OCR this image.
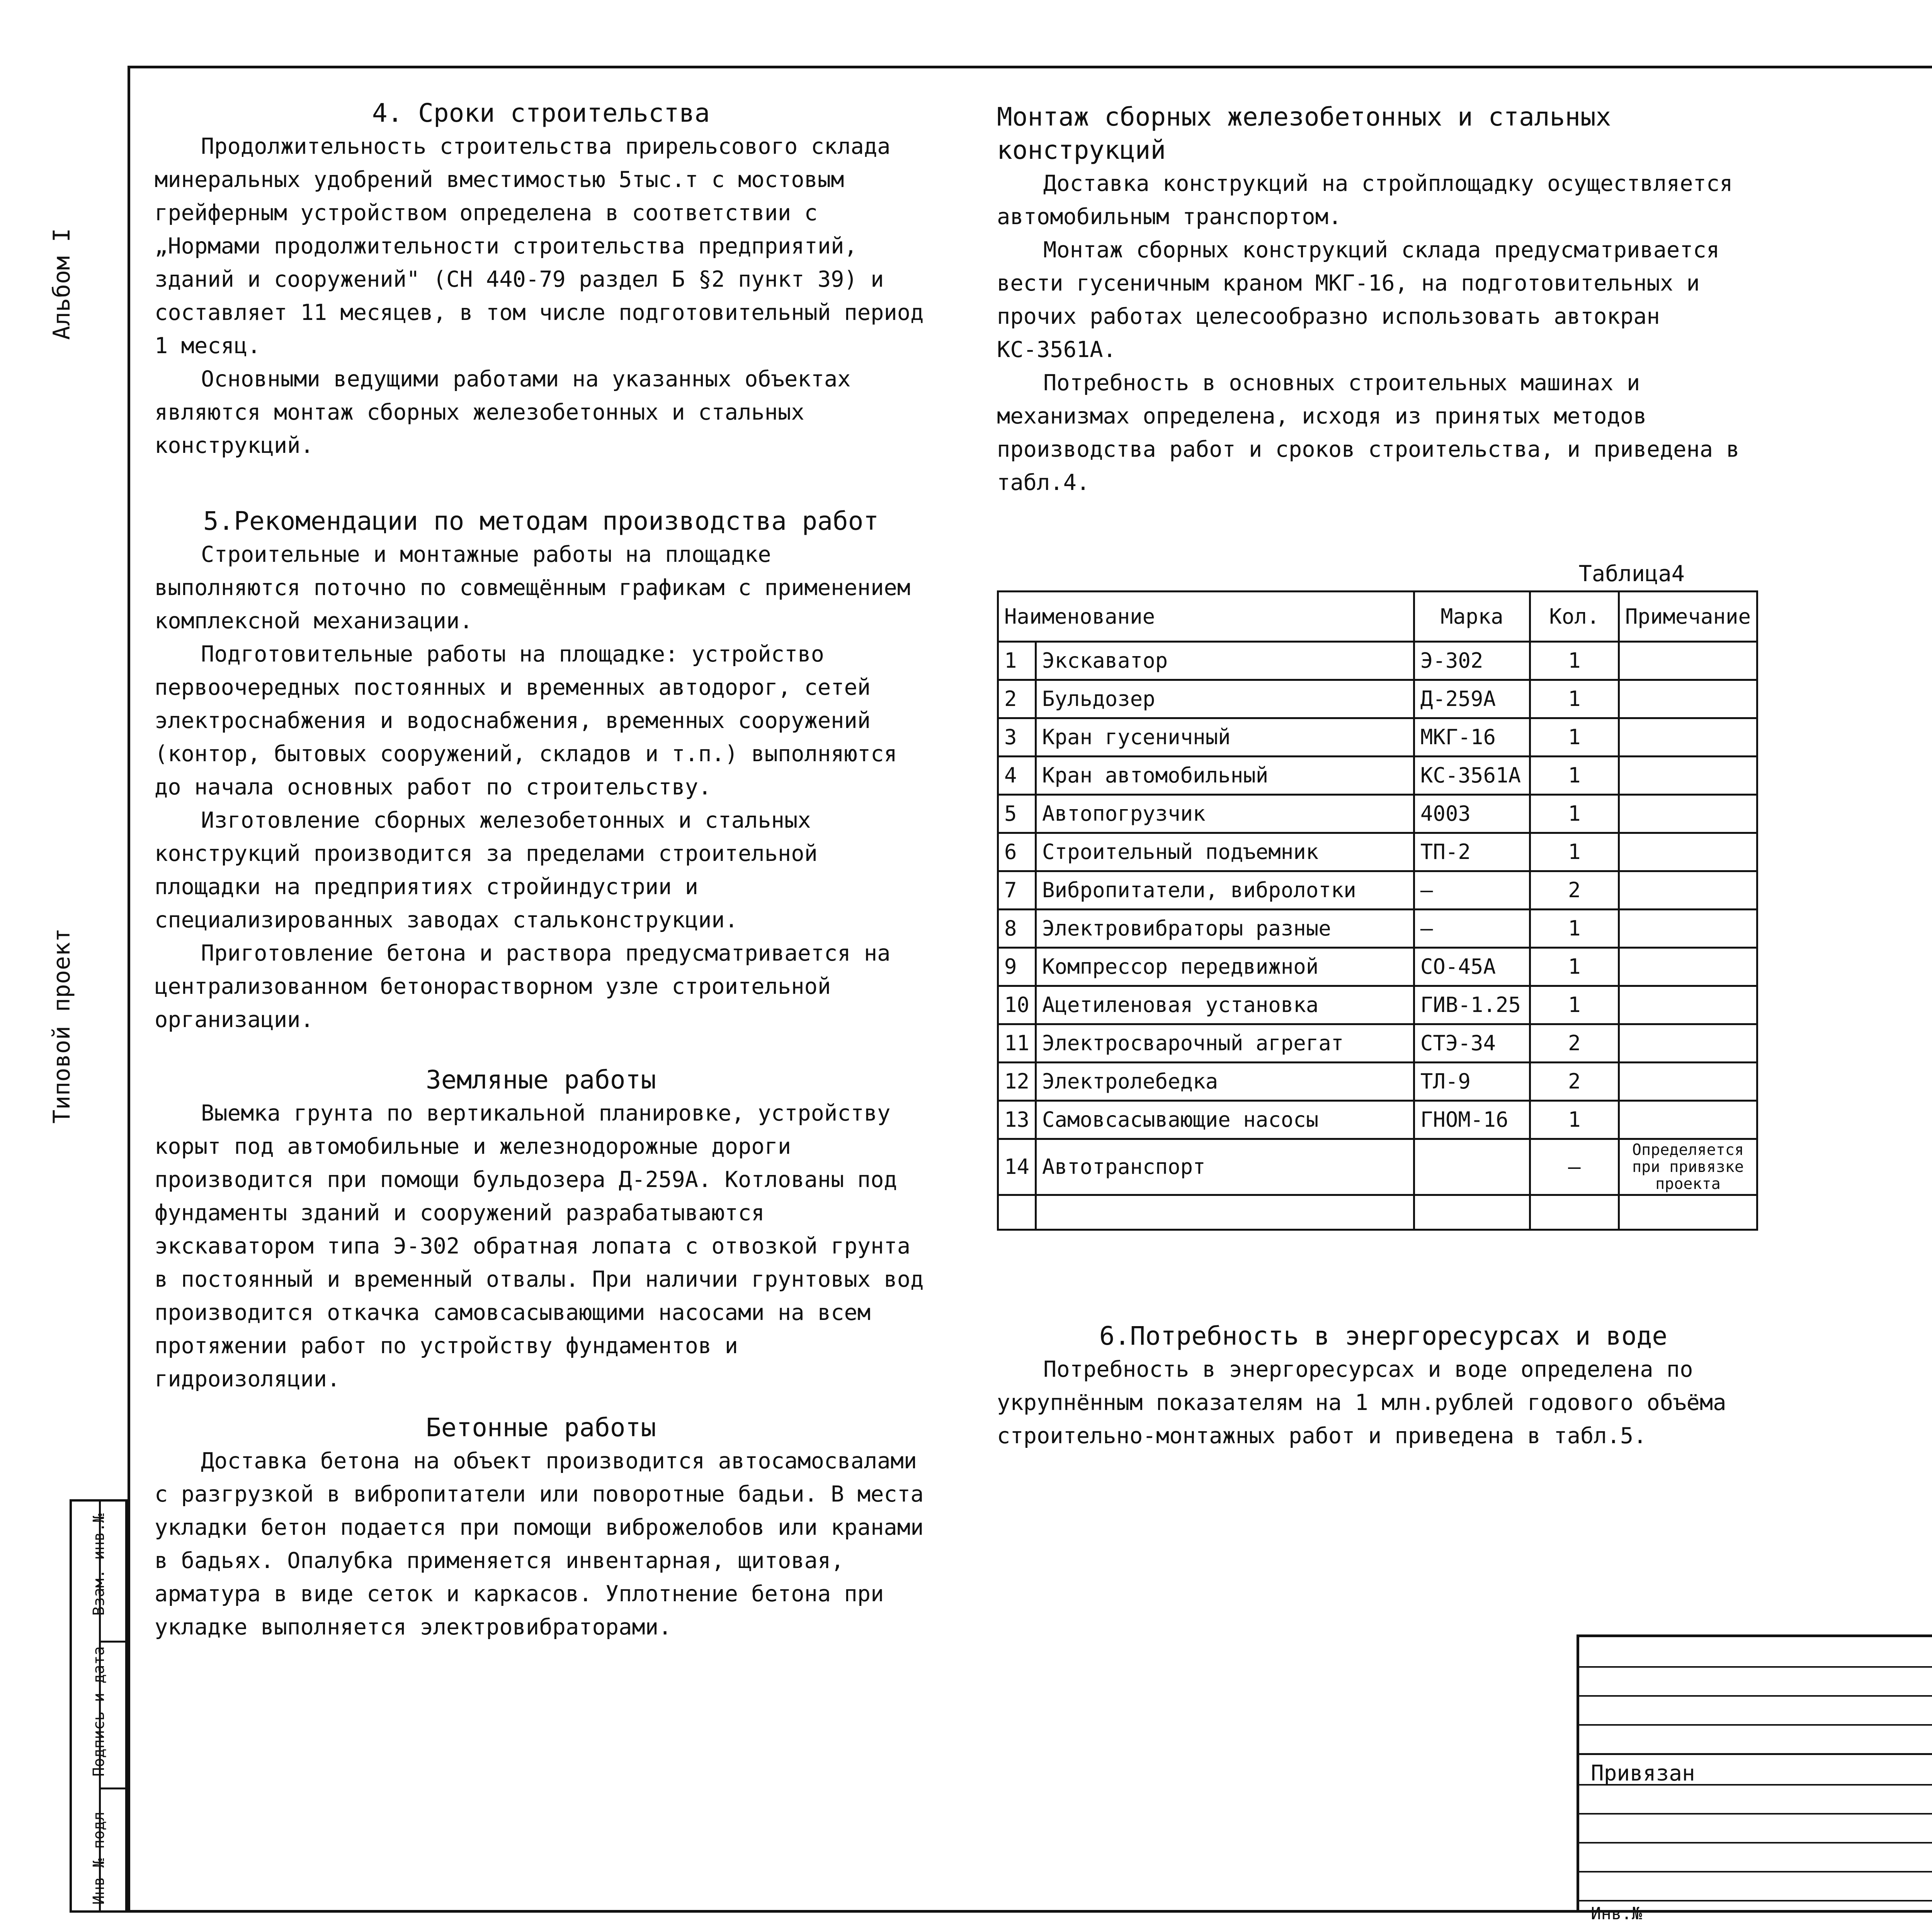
Альбом I
Типовой проект
Инв № подл
Подпись и дата
Взам. инв.№

4. Сроки строительства

Продолжительность строительства прирельсового склада минеральных удобрений вместимостью 5тыс.т с мостовым грейферным устройством определена в соответствии с „Нормами продолжительности строительства предприятий, зданий и сооружений" (СН 440-79 раздел Б §2 пункт 39) и составляет 11 месяцев, в том числе подготовительный период 1 месяц.

Основными ведущими работами на указанных объектах являются монтаж сборных железобетонных и стальных конструкций.

5.Рекомендации по методам производства работ

Строительные и монтажные работы на площадке выполняются поточно по совмещённым графикам с применением комплексной механизации.

Подготовительные работы на площадке: устройство первоочередных постоянных и временных автодорог, сетей электроснабжения и водоснабжения, временных сооружений (контор, бытовых сооружений, складов и т.п.) выполняются до начала основных работ по строительству.

Изготовление сборных железобетонных и стальных конструкций производится за пределами строительной площадки на предприятиях стройиндустрии и специализированных заводах стальконструкции.

Приготовление бетона и раствора предусматривается на централизованном бетонорастворном узле строительной организации.

Земляные работы

Выемка грунта по вертикальной планировке, устройству корыт под автомобильные и железнодорожные дороги производится при помощи бульдозера Д-259А. Котлованы под фундаменты зданий и сооружений разрабатываются экскаватором типа Э-302 обратная лопата с отвозкой грунта в постоянный и временный отвалы. При наличии грунтовых вод производится откачка самовсасывающими насосами на всем протяжении работ по устройству фундаментов и гидроизоляции.

Бетонные работы

Доставка бетона на объект производится автосамосвалами с разгрузкой в вибропитатели или поворотные бадьи. В места укладки бетон подается при помощи виброжелобов или кранами в бадьях. Опалубка применяется инвентарная, щитовая, арматура в виде сеток и каркасов. Уплотнение бетона при укладке выполняется электровибраторами.

Монтаж сборных железобетонных и стальных конструкций

Доставка конструкций на стройплощадку осуществляется автомобильным транспортом.

Монтаж сборных конструкций склада предусматривается вести гусеничным краном МКГ-16, на подготовительных и прочих работах целесообразно использовать автокран КС-3561А.

Потребность в основных строительных машинах и механизмах определена, исходя из принятых методов производства работ и сроков строительства, и приведена в табл.4.

Таблица4

Наименование		Марка	Кол.	Примечание
1	Экскаватор	Э-302	1	
2	Бульдозер	Д-259А	1	
3	Кран гусеничный	МКГ-16	1	
4	Кран автомобильный	КС-3561А	1	
5	Автопогрузчик	4003	1	
6	Строительный подъемник	ТП-2	1	
7	Вибропитатели, вибролотки	—	2	
8	Электровибраторы разные	—	1	
9	Компрессор передвижной	СО-45А	1	
10	Ацетиленовая установка	ГИВ-1.25	1	
11	Электросварочный агрегат	СТЭ-34	2	
12	Электролебедка	ТЛ-9	2	
13	Самовсасывающие насосы	ГНОМ-16	1	
14	Автотранспорт		—	Определяется при привязке проекта

6.Потребность в энергоресурсах и воде

Потребность в энергоресурсах и воде определена по укрупнённым показателям на 1 млн.рублей годового объёма строительно-монтажных работ и приведена в табл.5.

Привязан
Инв.№
